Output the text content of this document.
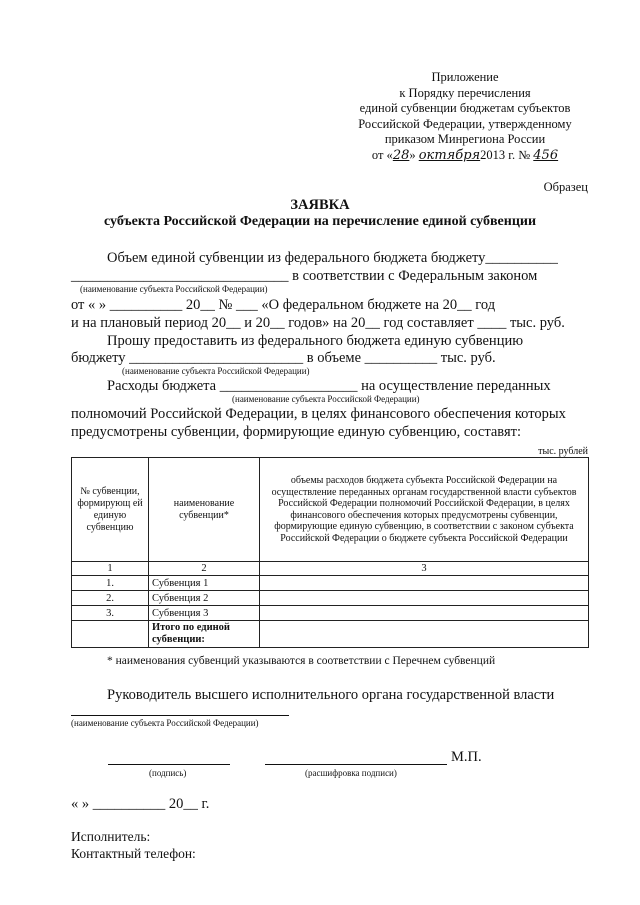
Приложение
к Порядку перечисления
единой субвенции бюджетам субъектов
Российской Федерации, утвержденному
приказом Минрегиона России
от «28» октября2013 г. № 456
Образец
ЗАЯВКА
субъекта Российской Федерации на перечисление единой субвенции
Объем единой субвенции из федерального бюджета бюджету__________
______________________________ в соответствии с Федеральным законом
(наименование субъекта Российской Федерации)
от « » __________ 20__ № ___ «О федеральном бюджете на 20__ год
и на плановый период 20__ и 20__ годов» на 20__ год составляет ____ тыс. руб.
Прошу предоставить из федерального бюджета единую субвенцию
бюджету ________________________ в объеме __________ тыс. руб.
(наименование субъекта Российской Федерации)
Расходы бюджета ___________________ на осуществление переданных
(наименование субъекта Российской Федерации)
полномочий Российской Федерации, в целях финансового обеспечения которых
предусмотрены субвенции, формирующие единую субвенцию, составят:
тыс. рублей
№ субвенции, формирующ ей единую субвенцию	наименование субвенции*	объемы расходов бюджета субъекта Российской Федерации на осуществление переданных органам государственной власти субъектов Российской Федерации полномочий Российской Федерации, в целях финансового обеспечения которых предусмотрены субвенции, формирующие единую субвенцию, в соответствии с законом субъекта Российской Федерации о бюджете субъекта Российской Федерации
1	2	3
1.	Субвенция 1	
2.	Субвенция 2	
3.	Субвенция 3	
	Итого по единой субвенции:	
* наименования субвенций указываются в соответствии с Перечнем субвенций
Руководитель высшего исполнительного органа государственной власти
(наименование субъекта Российской Федерации)
М.П.
(подпись)	(расшифровка подписи)
« » __________ 20__ г.
Исполнитель:
Контактный телефон:
